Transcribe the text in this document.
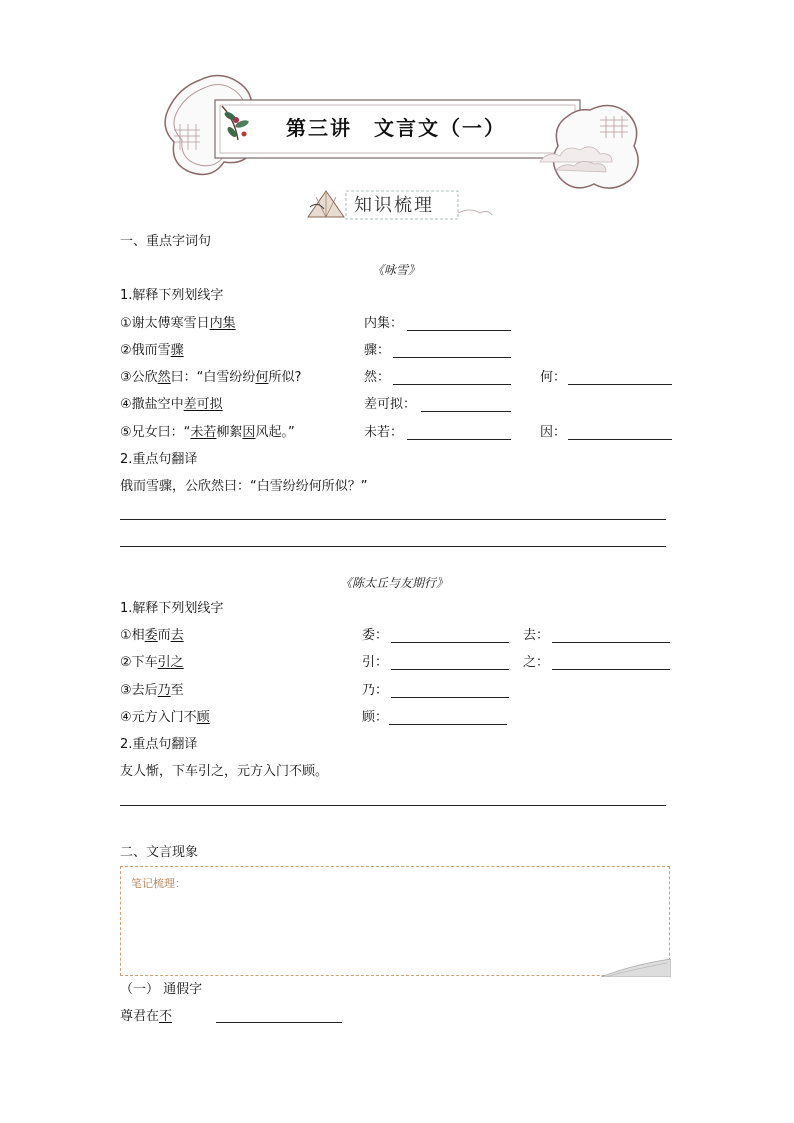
第三讲　文言文（一）
知识梳理
一、重点字词句
《咏雪》
1.解释下列划线字
①谢太傅寒雪日内集	内集：
②俄而雪骤	骤：
③公欣然曰：“白雪纷纷何所似?	然：	何：
④撒盐空中差可拟	差可拟：
⑤兄女曰：“未若柳絮因风起。”	未若：	因：
2.重点句翻译
俄而雪骤，公欣然曰：“白雪纷纷何所似？”
《陈太丘与友期行》
1.解释下列划线字
①相委而去	委：	去：
②下车引之	引：	之：
③去后乃至	乃：
④元方入门不顾	顾：
2.重点句翻译
友人惭，下车引之，元方入门不顾。
二、文言现象
笔记梳理：
（一） 通假字
尊君在不
